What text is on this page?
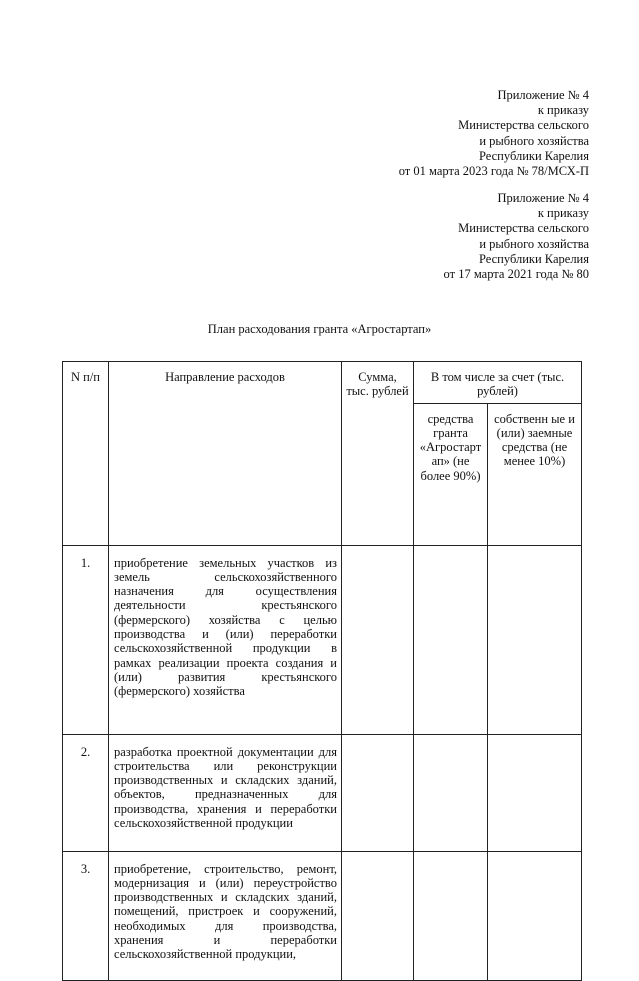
Приложение № 4
к приказу
Министерства сельского
и рыбного хозяйства
Республики Карелия
от 01 марта 2023 года № 78/МСХ-П
Приложение № 4
к приказу
Министерства сельского
и рыбного хозяйства
Республики Карелия
от 17 марта 2021 года № 80
План расходования гранта «Агростартап»
N п/п	Направление расходов	Сумма, тыс. рублей	В том числе за счет (тыс. рублей)	
			средства гранта «Агростарт ап» (не более 90%)	собственн ые и (или) заемные средства (не менее 10%)
1.	приобретение земельных участков из земель сельскохозяйственного назначения для осуществления деятельности крестьянского (фермерского) хозяйства с целью производства и (или) переработки сельскохозяйственной продукции в рамках реализации проекта создания и (или) развития крестьянского (фермерского) хозяйства			
2.	разработка проектной документации для строительства или реконструкции производственных и складских зданий, объектов, предназначенных для производства, хранения и переработки сельскохозяйственной продукции			
3.	приобретение, строительство, ремонт, модернизация и (или) переустройство производственных и складских зданий, помещений, пристроек и сооружений, необходимых для производства, хранения и переработки сельскохозяйственной продукции,			
